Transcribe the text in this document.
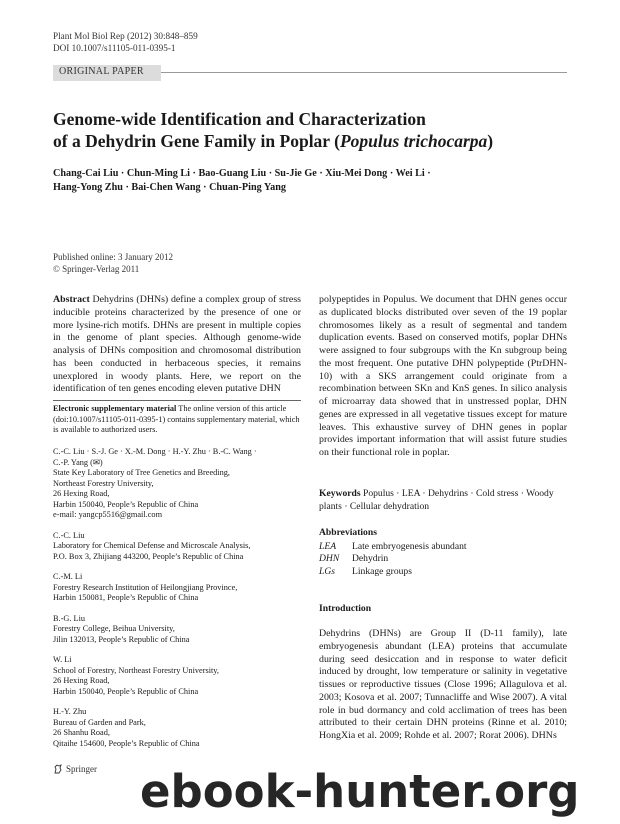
Plant Mol Biol Rep (2012) 30:848–859
DOI 10.1007/s11105-011-0395-1
ORIGINAL PAPER
Genome-wide Identification and Characterization
of a Dehydrin Gene Family in Poplar (Populus trichocarpa)
Chang-Cai Liu · Chun-Ming Li · Bao-Guang Liu · Su-Jie Ge · Xiu-Mei Dong · Wei Li ·
Hang-Yong Zhu · Bai-Chen Wang · Chuan-Ping Yang
Published online: 3 January 2012
© Springer-Verlag 2011
Abstract Dehydrins (DHNs) define a complex group of stress inducible proteins characterized by the presence of one or more lysine-rich motifs. DHNs are present in multiple copies in the genome of plant species. Although genome-wide analysis of DHNs composition and chromosomal distribution has been conducted in herbaceous species, it remains unexplored in woody plants. Here, we report on the identification of ten genes encoding eleven putative DHN
Electronic supplementary material The online version of this article (doi:10.1007/s11105-011-0395-1) contains supplementary material, which is available to authorized users.
C.-C. Liu · S.-J. Ge · X.-M. Dong · H.-Y. Zhu · B.-C. Wang ·
C.-P. Yang (✉)
State Key Laboratory of Tree Genetics and Breeding,
Northeast Forestry University,
26 Hexing Road,
Harbin 150040, People’s Republic of China
e-mail: yangcp5516@gmail.com
C.-C. Liu
Laboratory for Chemical Defense and Microscale Analysis,
P.O. Box 3, Zhijiang 443200, People’s Republic of China
C.-M. Li
Forestry Research Institution of Heilongjiang Province,
Harbin 150081, People’s Republic of China
B.-G. Liu
Forestry College, Beihua University,
Jilin 132013, People’s Republic of China
W. Li
School of Forestry, Northeast Forestry University,
26 Hexing Road,
Harbin 150040, People’s Republic of China
H.-Y. Zhu
Bureau of Garden and Park,
26 Shanhu Road,
Qitaihe 154600, People’s Republic of China
polypeptides in Populus. We document that DHN genes occur as duplicated blocks distributed over seven of the 19 poplar chromosomes likely as a result of segmental and tandem duplication events. Based on conserved motifs, poplar DHNs were assigned to four subgroups with the Kn subgroup being the most frequent. One putative DHN polypeptide (PtrDHN-10) with a SKS arrangement could originate from a recombination between SKn and KnS genes. In silico analysis of microarray data showed that in unstressed poplar, DHN genes are expressed in all vegetative tissues except for mature leaves. This exhaustive survey of DHN genes in poplar provides important information that will assist future studies on their functional role in poplar.
Keywords Populus · LEA · Dehydrins · Cold stress · Woody plants · Cellular dehydration
Abbreviations
LEA	Late embryogenesis abundant
DHN	Dehydrin
LGs	Linkage groups
Introduction
Dehydrins (DHNs) are Group II (D-11 family), late embryogenesis abundant (LEA) proteins that accumulate during seed desiccation and in response to water deficit induced by drought, low temperature or salinity in vegetative tissues or reproductive tissues (Close 1996; Allagulova et al. 2003; Kosova et al. 2007; Tunnacliffe and Wise 2007). A vital role in bud dormancy and cold acclimation of trees has been attributed to their certain DHN proteins (Rinne et al. 2010; HongXia et al. 2009; Rohde et al. 2007; Rorat 2006). DHNs
Springer ebook-hunter.org
